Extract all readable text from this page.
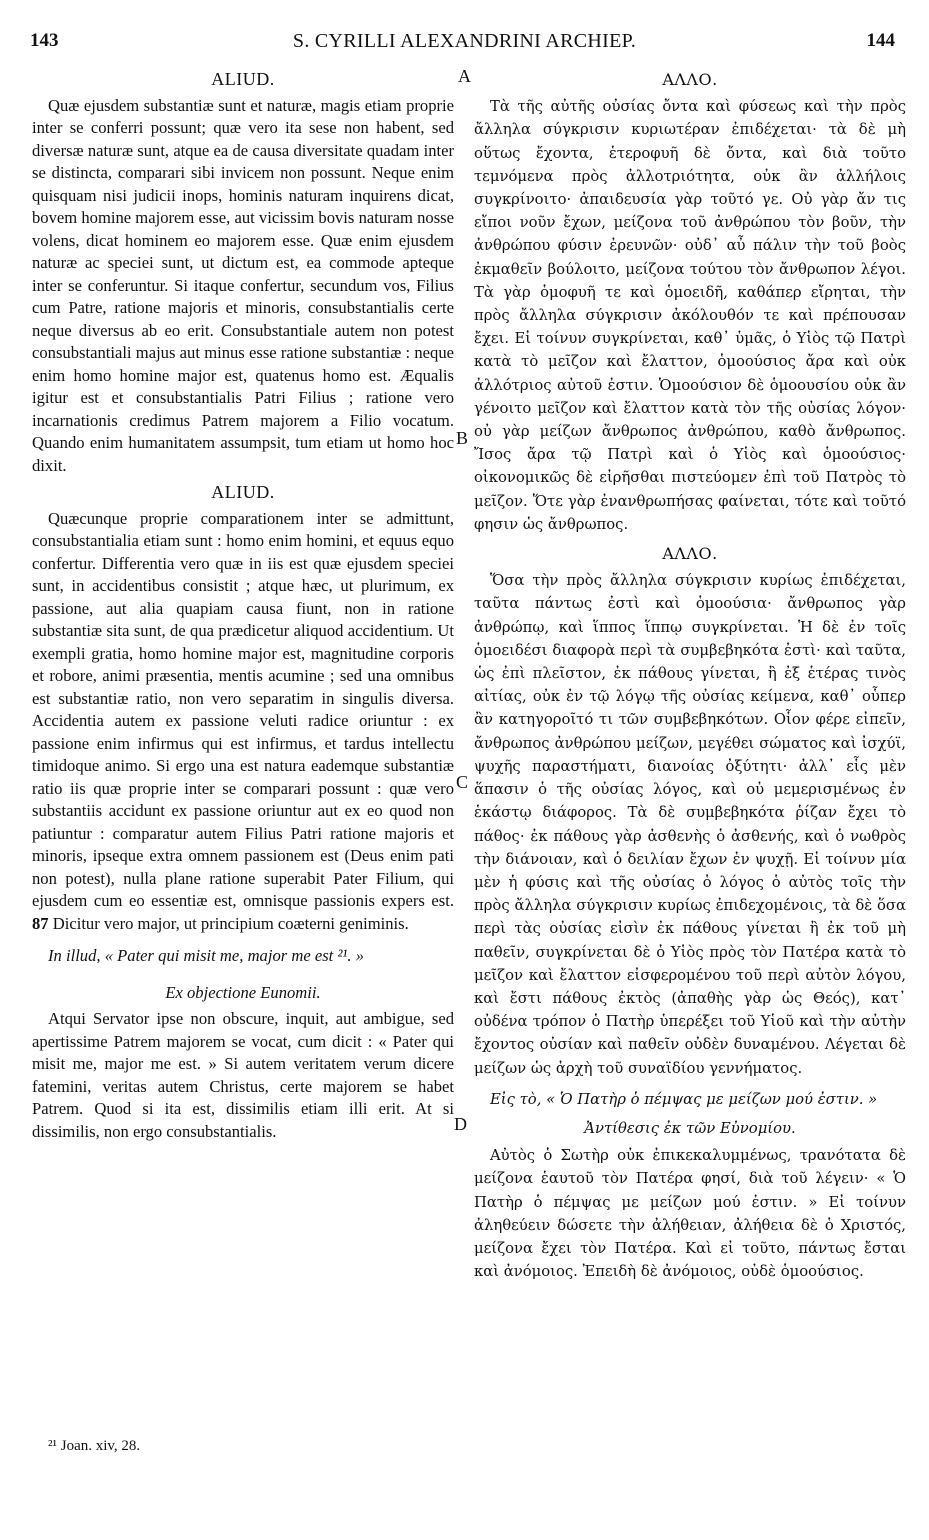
143	S. CYRILLI ALEXANDRINI ARCHIEP.	144
A
B
C
D
ALIUD.

Quæ ejusdem substantiæ sunt et naturæ, magis etiam proprie inter se conferri possunt; quæ vero ita sese non habent, sed diversæ naturæ sunt, atque ea de causa diversitate quadam inter se distincta, comparari sibi invicem non possunt. Neque enim quisquam nisi judicii inops, hominis naturam inquirens dicat, bovem homine majorem esse, aut vicissim bovis naturam nosse volens, dicat hominem eo majorem esse. Quæ enim ejusdem naturæ ac speciei sunt, ut dictum est, ea commode apteque inter se conferuntur. Si itaque confertur, secundum vos, Filius cum Patre, ratione majoris et minoris, consubstantialis certe neque diversus ab eo erit. Consubstantiale autem non potest consubstantiali majus aut minus esse ratione substantiæ : neque enim homo homine major est, quatenus homo est. Æqualis igitur est et consubstantialis Patri Filius ; ratione vero incarnationis credimus Patrem majorem a Filio vocatum. Quando enim humanitatem assumpsit, tum etiam ut homo hoc dixit.

ALIUD.

Quæcunque proprie comparationem inter se admittunt, consubstantialia etiam sunt : homo enim homini, et equus equo confertur. Differentia vero quæ in iis est quæ ejusdem speciei sunt, in accidentibus consistit ; atque hæc, ut plurimum, ex passione, aut alia quapiam causa fiunt, non in ratione substantiæ sita sunt, de qua prædicetur aliquod accidentium. Ut exempli gratia, homo homine major est, magnitudine corporis et robore, animi præsentia, mentis acumine ; sed una omnibus est substantiæ ratio, non vero separatim in singulis diversa. Accidentia autem ex passione veluti radice oriuntur : ex passione enim infirmus qui est infirmus, et tardus intellectu timidoque animo. Si ergo una est natura eademque substantiæ ratio iis quæ proprie inter se comparari possunt : quæ vero substantiis accidunt ex passione oriuntur aut ex eo quod non patiuntur : comparatur autem Filius Patri ratione majoris et minoris, ipseque extra omnem passionem est (Deus enim pati non potest), nulla plane ratione superabit Pater Filium, qui ejusdem cum eo essentiæ est, omnisque passionis expers est. 87 Dicitur vero major, ut principium coæterni geniminis.

In illud, « Pater qui misit me, major me est ²¹. »
Ex objectione Eunomii.

Atqui Servator ipse non obscure, inquit, aut ambigue, sed apertissime Patrem majorem se vocat, cum dicit : « Pater qui misit me, major me est. » Si autem veritatem verum dicere fatemini, veritas autem Christus, certe majorem se habet Patrem. Quod si ita est, dissimilis etiam illi erit. At si dissimilis, non ergo consubstantialis.

ΑΛΛΟ.

Τὰ τῆς αὐτῆς οὐσίας ὄντα καὶ φύσεως καὶ τὴν πρὸς ἄλληλα σύγκρισιν κυριωτέραν ἐπιδέχεται· τὰ δὲ μὴ οὕτως ἔχοντα, ἑτεροφυῆ δὲ ὄντα, καὶ διὰ τοῦτο τεμνόμενα πρὸς ἀλλοτριότητα, οὐκ ἂν ἀλλήλοις συγκρίνοιτο· ἀπαιδευσία γὰρ τοῦτό γε. Οὐ γὰρ ἄν τις εἴποι νοῦν ἔχων, μείζονα τοῦ ἀνθρώπου τὸν βοῦν, τὴν ἀνθρώπου φύσιν ἐρευνῶν· οὐδ᾽ αὖ πάλιν τὴν τοῦ βοὸς ἐκμαθεῖν βούλοιτο, μείζονα τούτου τὸν ἄνθρωπον λέγοι. Τὰ γὰρ ὁμοφυῆ τε καὶ ὁμοειδῆ, καθάπερ εἴρηται, τὴν πρὸς ἄλληλα σύγκρισιν ἀκόλουθόν τε καὶ πρέπουσαν ἔχει. Εἰ τοίνυν συγκρίνεται, καθ᾽ ὑμᾶς, ὁ Υἱὸς τῷ Πατρὶ κατὰ τὸ μεῖζον καὶ ἔλαττον, ὁμοούσιος ἄρα καὶ οὐκ ἀλλότριος αὐτοῦ ἐστιν. Ὁμοούσιον δὲ ὁμοουσίου οὐκ ἂν γένοιτο μεῖζον καὶ ἔλαττον κατὰ τὸν τῆς οὐσίας λόγον· οὐ γὰρ μείζων ἄνθρωπος ἀνθρώπου, καθὸ ἄνθρωπος. Ἴσος ἄρα τῷ Πατρὶ καὶ ὁ Υἱὸς καὶ ὁμοούσιος· οἰκονομικῶς δὲ εἰρῆσθαι πιστεύομεν ἐπὶ τοῦ Πατρὸς τὸ μεῖζον. Ὅτε γὰρ ἐνανθρωπήσας φαίνεται, τότε καὶ τοῦτό φησιν ὡς ἄνθρωπος.

ΑΛΛΟ.

Ὅσα τὴν πρὸς ἄλληλα σύγκρισιν κυρίως ἐπιδέχεται, ταῦτα πάντως ἐστὶ καὶ ὁμοούσια· ἄνθρωπος γὰρ ἀνθρώπῳ, καὶ ἵππος ἵππῳ συγκρίνεται. Ἡ δὲ ἐν τοῖς ὁμοειδέσι διαφορὰ περὶ τὰ συμβεβηκότα ἐστὶ· καὶ ταῦτα, ὡς ἐπὶ πλεῖστον, ἐκ πάθους γίνεται, ἢ ἐξ ἑτέρας τινὸς αἰτίας, οὐκ ἐν τῷ λόγῳ τῆς οὐσίας κείμενα, καθ᾽ οὗπερ ἂν κατηγοροῖτό τι τῶν συμβεβηκότων. Οἷον φέρε εἰπεῖν, ἄνθρωπος ἀνθρώπου μείζων, μεγέθει σώματος καὶ ἰσχύϊ, ψυχῆς παραστήματι, διανοίας ὀξύτητι· ἀλλ᾽ εἷς μὲν ἅπασιν ὁ τῆς οὐσίας λόγος, καὶ οὐ μεμερισμένως ἐν ἑκάστῳ διάφορος. Τὰ δὲ συμβεβηκότα ῥίζαν ἔχει τὸ πάθος· ἐκ πάθους γὰρ ἀσθενὴς ὁ ἀσθενής, καὶ ὁ νωθρὸς τὴν διάνοιαν, καὶ ὁ δειλίαν ἔχων ἐν ψυχῇ. Εἰ τοίνυν μία μὲν ἡ φύσις καὶ τῆς οὐσίας ὁ λόγος ὁ αὐτὸς τοῖς τὴν πρὸς ἄλληλα σύγκρισιν κυρίως ἐπιδεχομένοις, τὰ δὲ ὅσα περὶ τὰς οὐσίας εἰσὶν ἐκ πάθους γίνεται ἢ ἐκ τοῦ μὴ παθεῖν, συγκρίνεται δὲ ὁ Υἱὸς πρὸς τὸν Πατέρα κατὰ τὸ μεῖζον καὶ ἔλαττον εἰσφερομένου τοῦ περὶ αὐτὸν λόγου, καὶ ἔστι πάθους ἐκτὸς (ἀπαθὴς γὰρ ὡς Θεός), κατ᾽ οὐδένα τρόπον ὁ Πατὴρ ὑπερέξει τοῦ Υἱοῦ καὶ τὴν αὐτὴν ἔχοντος οὐσίαν καὶ παθεῖν οὐδὲν δυναμένου. Λέγεται δὲ μείζων ὡς ἀρχὴ τοῦ συναϊδίου γεννήματος.

Εἰς τὸ, « Ὁ Πατὴρ ὁ πέμψας με μείζων μού ἐστιν. »
Ἀντίθεσις ἐκ τῶν Εὐνομίου.

Αὐτὸς ὁ Σωτὴρ οὐκ ἐπικεκαλυμμένως, τρανότατα δὲ μείζονα ἑαυτοῦ τὸν Πατέρα φησί, διὰ τοῦ λέγειν· « Ὁ Πατὴρ ὁ πέμψας με μείζων μού ἐστιν. » Εἰ τοίνυν ἀληθεύειν δώσετε τὴν ἀλήθειαν, ἀλήθεια δὲ ὁ Χριστός, μείζονα ἔχει τὸν Πατέρα. Καὶ εἰ τοῦτο, πάντως ἔσται καὶ ἀνόμοιος. Ἐπειδὴ δὲ ἀνόμοιος, οὐδὲ ὁμοούσιος.

²¹ Joan. xiv, 28.
